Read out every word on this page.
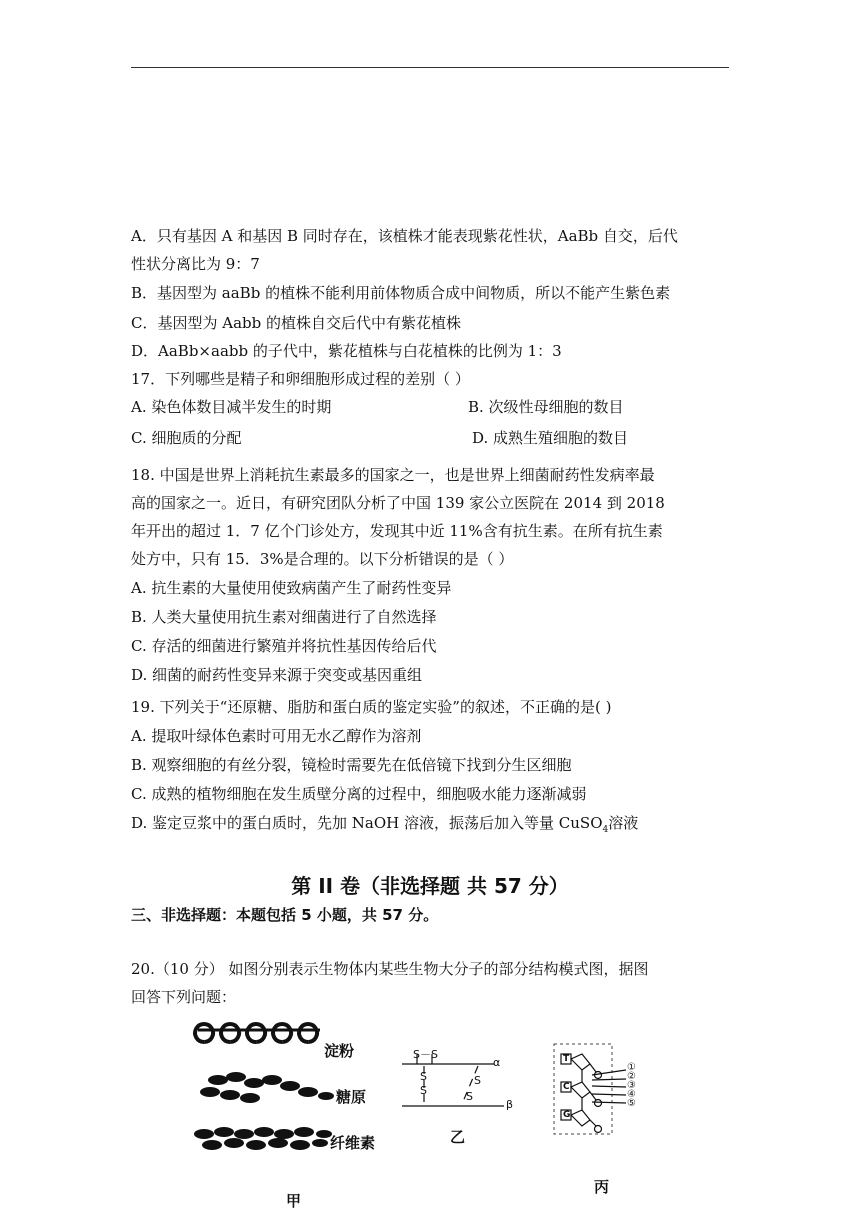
A．只有基因 A 和基因 B 同时存在，该植株才能表现紫花性状，AaBb 自交，后代
性状分离比为 9：7
B．基因型为 aaBb 的植株不能利用前体物质合成中间物质，所以不能产生紫色素
C．基因型为 Aabb 的植株自交后代中有紫花植株
D．AaBb×aabb 的子代中，紫花植株与白花植株的比例为 1：3
17．下列哪些是精子和卵细胞形成过程的差别（ ）
A. 染色体数目减半发生的时期	B. 次级性母细胞的数目
C. 细胞质的分配	D. 成熟生殖细胞的数目
18. 中国是世界上消耗抗生素最多的国家之一，也是世界上细菌耐药性发病率最
高的国家之一。近日，有研究团队分析了中国 139 家公立医院在 2014 到 2018
年开出的超过 1．7 亿个门诊处方，发现其中近 11%含有抗生素。在所有抗生素
处方中，只有 15．3%是合理的。以下分析错误的是（ ）
A. 抗生素的大量使用使致病菌产生了耐药性变异
B. 人类大量使用抗生素对细菌进行了自然选择
C. 存活的细菌进行繁殖并将抗性基因传给后代
D. 细菌的耐药性变异来源于突变或基因重组
19. 下列关于“还原糖、脂肪和蛋白质的鉴定实验”的叙述，不正确的是( )
A. 提取叶绿体色素时可用无水乙醇作为溶剂
B. 观察细胞的有丝分裂，镜检时需要先在低倍镜下找到分生区细胞
C. 成熟的植物细胞在发生质壁分离的过程中，细胞吸水能力逐渐减弱
D. 鉴定豆浆中的蛋白质时，先加 NaOH 溶液，振荡后加入等量 CuSO$_4$溶液
第 II 卷（非选择题 共 57 分）
三、非选择题：本题包括 5 小题，共 57 分。
20.（10 分） 如图分别表示生物体内某些生物大分子的部分结构模式图，据图
回答下列问题：
淀粉
糖原
纤维素
甲
S－S
S
S
S
S
α
β
乙
T
C
G
①
②
③
④
⑤
丙
